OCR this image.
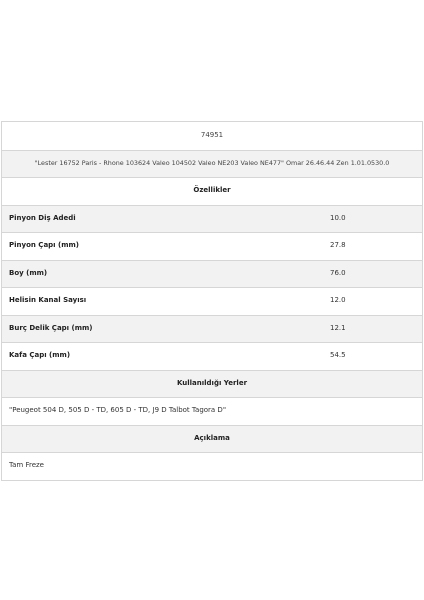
74951
"Lester 16752 Paris - Rhone 103624 Valeo 104502 Valeo NE203 Valeo NE477" Omar 26.46.44 Zen 1.01.0530.0
Özellikler
Pinyon Diş Adedi	10.0
Pinyon Çapı (mm)	27.8
Boy (mm)	76.0
Helisin Kanal Sayısı	12.0
Burç Delik Çapı (mm)	12.1
Kafa Çapı (mm)	54.5
Kullanıldığı Yerler
"Peugeot 504 D, 505 D - TD, 605 D - TD, J9 D Talbot Tagora D"
Açıklama
Tam Freze
